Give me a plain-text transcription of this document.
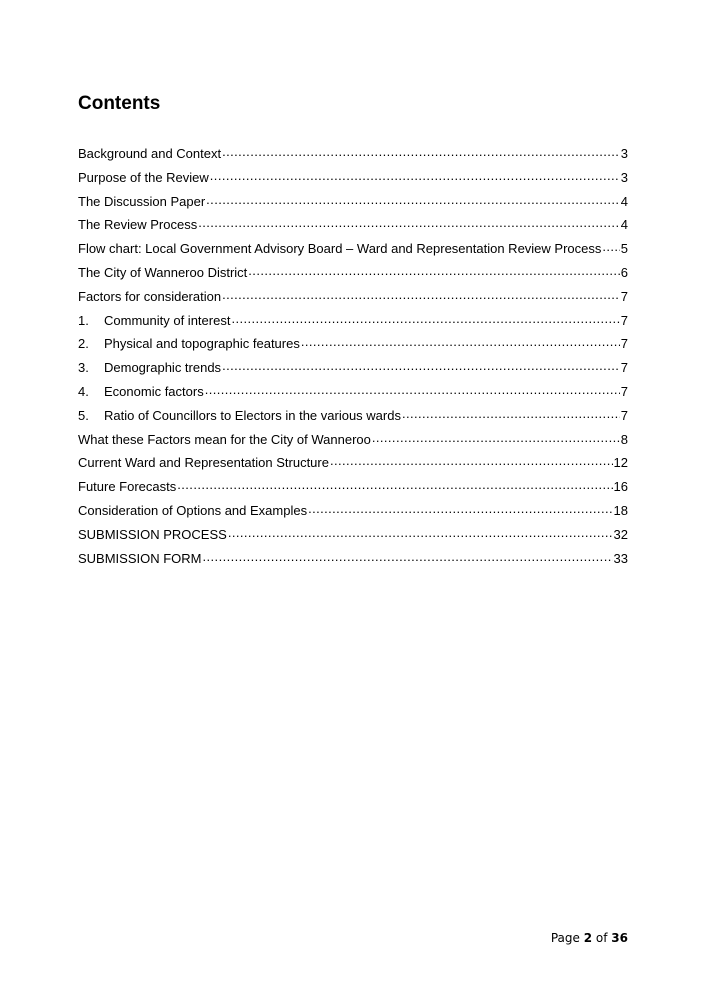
Contents
Background and Context .....	3
Purpose of the Review .....	3
The Discussion Paper .....	4
The Review Process .....	4
Flow chart: Local Government Advisory Board – Ward and Representation Review Process ..... 5
The City of Wanneroo District .....	6
Factors for consideration .....	7
1.	Community of interest .....	7
2.	Physical and topographic features .....	7
3.	Demographic trends .....	7
4.	Economic factors .....	7
5.	Ratio of Councillors to Electors in the various wards .....	7
What these Factors mean for the City of Wanneroo .....	8
Current Ward and Representation Structure .....	12
Future Forecasts .....	16
Consideration of Options and Examples .....	18
SUBMISSION PROCESS .....	32
SUBMISSION FORM .....	33
Page 2 of 36
